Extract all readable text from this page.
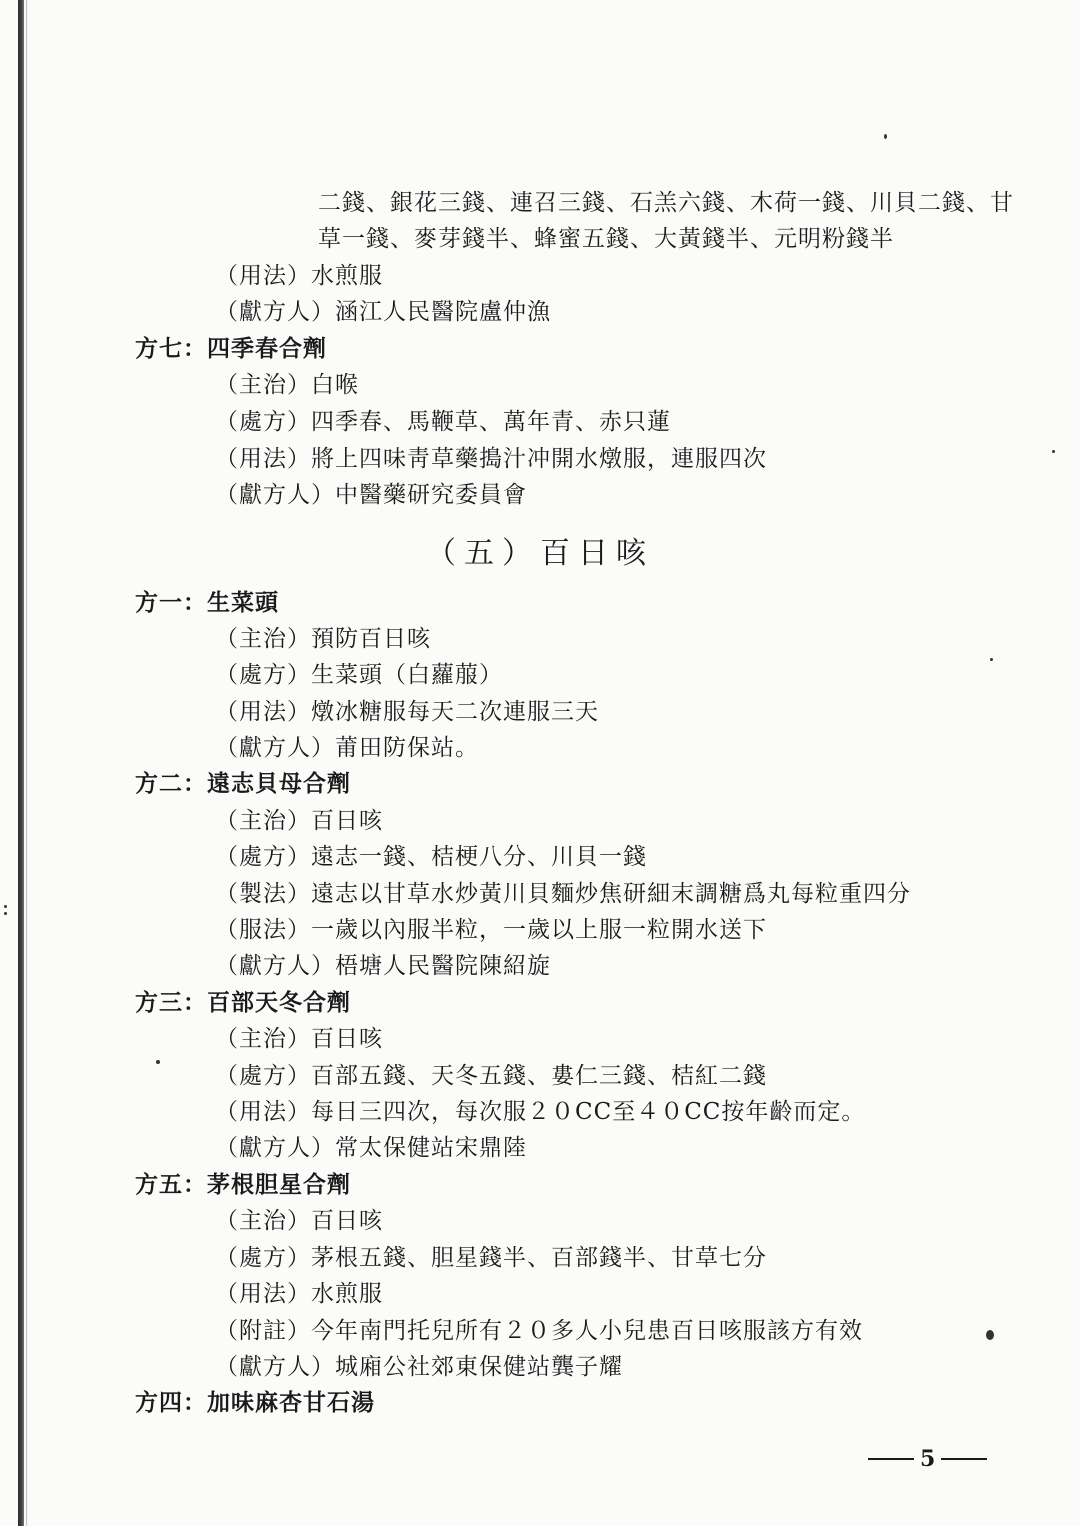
二錢、銀花三錢、連召三錢、石羔六錢、木荷一錢、川貝二錢、甘
草一錢、麥芽錢半、蜂蜜五錢、大黃錢半、元明粉錢半
（用法）水煎服
（獻方人）涵江人民醫院盧仲漁
方七：四季春合劑
（主治）白喉
（處方）四季春、馬鞭草、萬年青、赤只蓮
（用法）將上四味靑草藥搗汁冲開水燉服，連服四次
（獻方人）中醫藥研究委員會
方一：生菜頭
（主治）預防百日咳
（處方）生菜頭（白蘿菔）
（用法）燉冰糖服每天二次連服三天
（獻方人）莆田防保站。
方二：遠志貝母合劑
（主治）百日咳
（處方）遠志一錢、桔梗八分、川貝一錢
（製法）遠志以甘草水炒黃川貝麵炒焦研細末調糖爲丸每粒重四分
（服法）一歲以內服半粒，一歲以上服一粒開水送下
（獻方人）梧塘人民醫院陳紹旋
方三：百部天冬合劑
（主治）百日咳
（處方）百部五錢、天冬五錢、婁仁三錢、桔紅二錢
（用法）每日三四次，每次服２０CC至４０CC按年齡而定。
（獻方人）常太保健站宋鼎陸
方五：茅根胆星合劑
（主治）百日咳
（處方）茅根五錢、胆星錢半、百部錢半、甘草七分
（用法）水煎服
（附註）今年南門托兒所有２０多人小兒患百日咳服該方有效
（獻方人）城廂公社郊東保健站龔子耀
方四：加味麻杏甘石湯
（五）百日咳
5
